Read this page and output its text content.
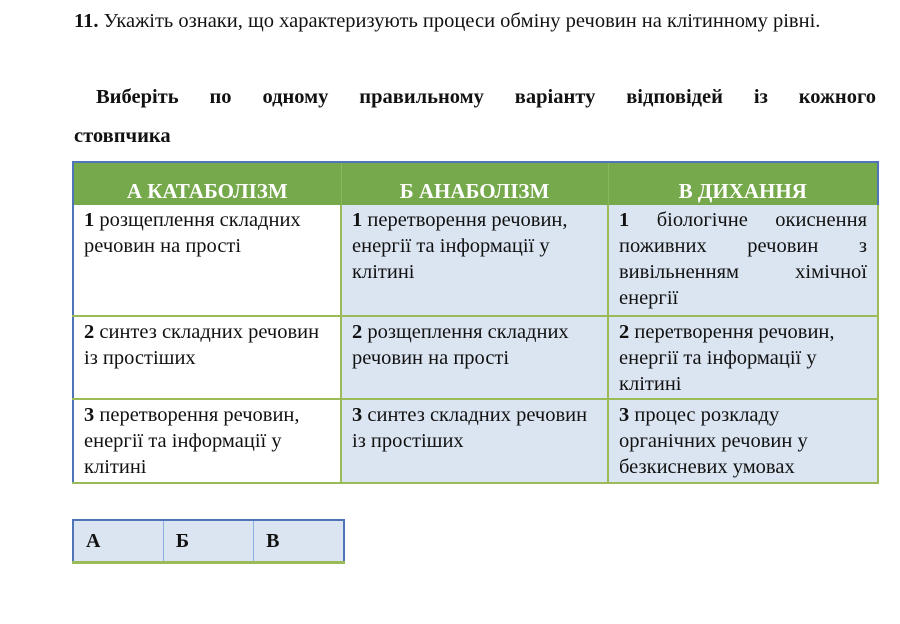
11. Укажіть ознаки, що характеризують процеси обміну речовин на клітинному рівні.
Виберіть по одному правильному варіанту відповідей із кожного
стовпчика
А КАТАБОЛІЗМ	Б АНАБОЛІЗМ	В ДИХАННЯ
1 розщеплення складних речовин на прості	1 перетворення речовин, енергії та інформації у клітині	1 біологічне окиснення поживних речовин з вивільненням хімічної енергії
2 синтез складних речовин із простіших	2 розщеплення складних речовин на прості	2 перетворення речовин, енергії та інформації у клітині
3 перетворення речовин, енергії та інформації у клітині	3 синтез складних речовин із простіших	3 процес розкладу органічних речовин у безкисневих умовах
А	Б	В
